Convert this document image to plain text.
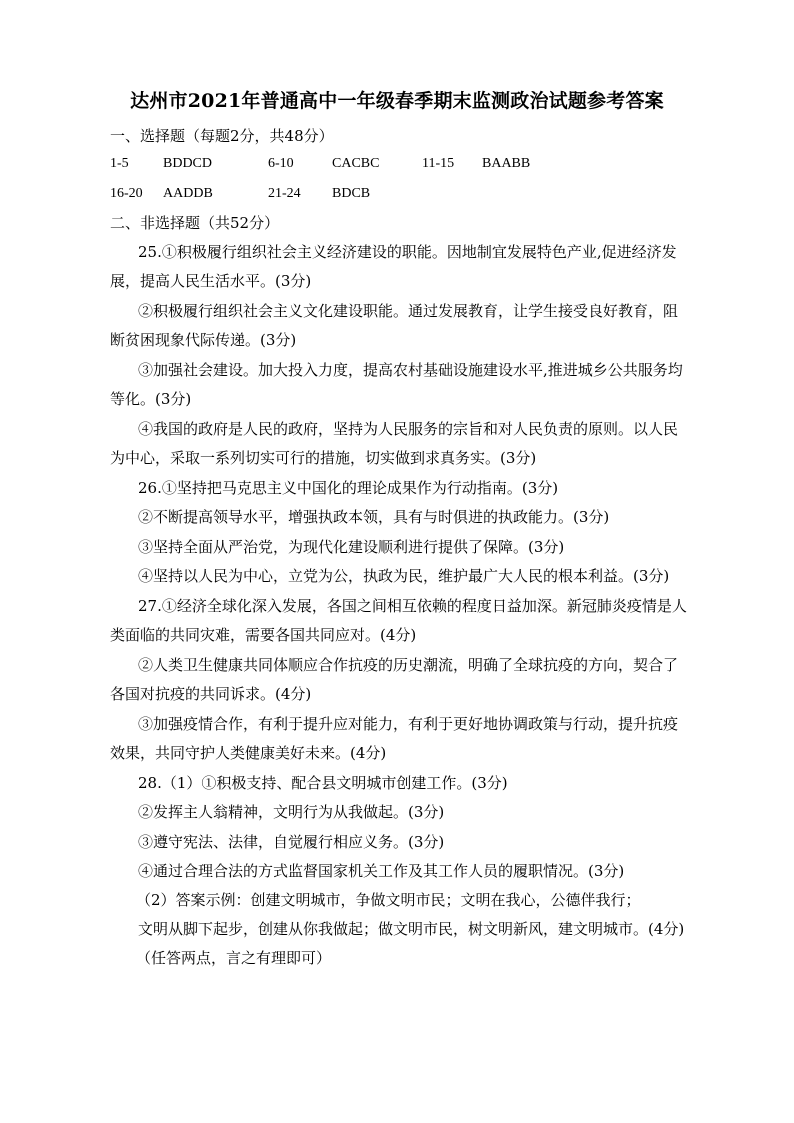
达州市2021年普通高中一年级春季期末监测政治试题参考答案
一、选择题（每题2分，共48分）
1-5 BDDCD	6-10	CACBC	11-15 BAABB
16-20 AADDB	21-24 BDCB
二、非选择题（共52分）
25.①积极履行组织社会主义经济建设的职能。因地制宜发展特色产业,促进经济发
展，提高人民生活水平。(3分)
②积极履行组织社会主义文化建设职能。通过发展教育，让学生接受良好教育，阻
断贫困现象代际传递。(3分)
③加强社会建设。加大投入力度，提高农村基础设施建设水平,推进城乡公共服务均
等化。(3分)
④我国的政府是人民的政府，坚持为人民服务的宗旨和对人民负责的原则。以人民
为中心，采取一系列切实可行的措施，切实做到求真务实。(3分)
26.①坚持把马克思主义中国化的理论成果作为行动指南。(3分)
②不断提高领导水平，增强执政本领，具有与时俱进的执政能力。(3分)
③坚持全面从严治党，为现代化建设顺利进行提供了保障。(3分)
④坚持以人民为中心，立党为公，执政为民，维护最广大人民的根本利益。(3分)
27.①经济全球化深入发展，各国之间相互依赖的程度日益加深。新冠肺炎疫情是人
类面临的共同灾难，需要各国共同应对。(4分)
②人类卫生健康共同体顺应合作抗疫的历史潮流，明确了全球抗疫的方向，契合了
各国对抗疫的共同诉求。(4分)
③加强疫情合作，有利于提升应对能力，有利于更好地协调政策与行动，提升抗疫
效果，共同守护人类健康美好未来。(4分)
28.（1）①积极支持、配合县文明城市创建工作。(3分)
②发挥主人翁精神，文明行为从我做起。(3分)
③遵守宪法、法律，自觉履行相应义务。(3分)
④通过合理合法的方式监督国家机关工作及其工作人员的履职情况。(3分)
（2）答案示例：创建文明城市，争做文明市民；文明在我心，公德伴我行；
文明从脚下起步，创建从你我做起；做文明市民，树文明新风，建文明城市。(4分)
（任答两点，言之有理即可）
